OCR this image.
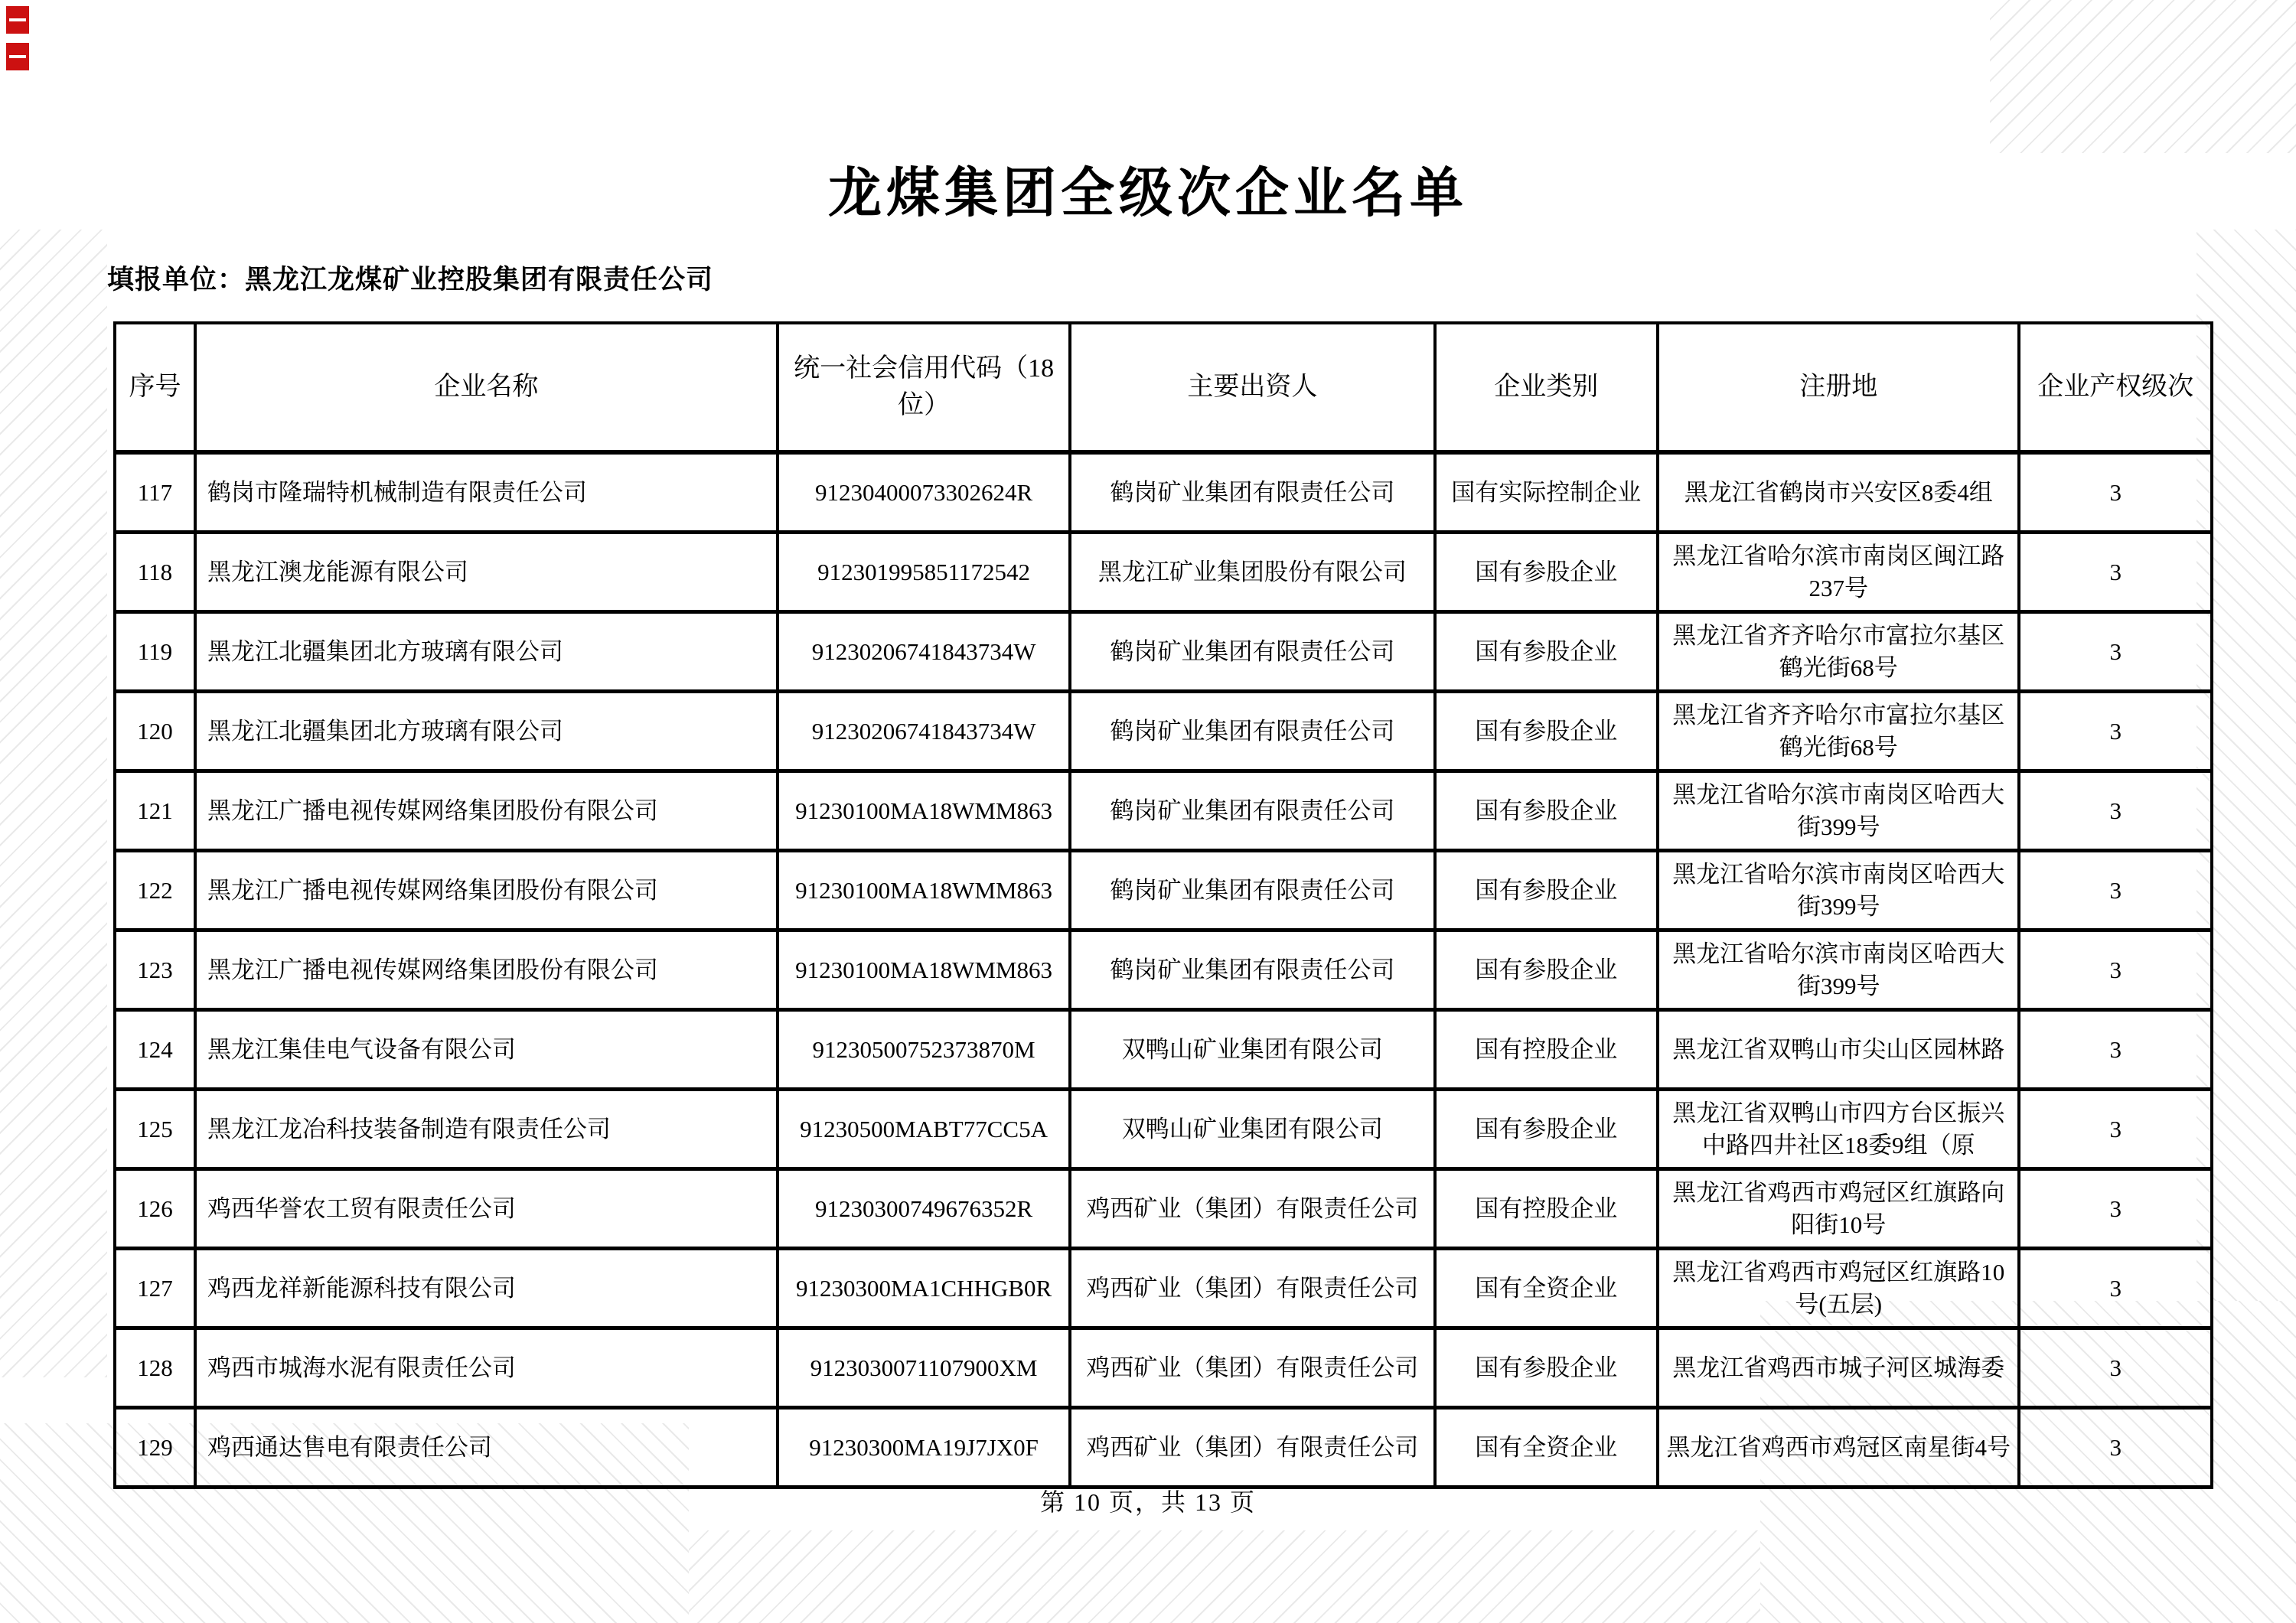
龙煤集团全级次企业名单
填报单位：黑龙江龙煤矿业控股集团有限责任公司
序号	企业名称	统一社会信用代码（18位）	主要出资人	企业类别	注册地	企业产权级次
117	鹤岗市隆瑞特机械制造有限责任公司	91230400073302624R	鹤岗矿业集团有限责任公司	国有实际控制企业	黑龙江省鹤岗市兴安区8委4组	3
118	黑龙江澳龙能源有限公司	912301995851172542	黑龙江矿业集团股份有限公司	国有参股企业	黑龙江省哈尔滨市南岗区闽江路237号	3
119	黑龙江北疆集团北方玻璃有限公司	91230206741843734W	鹤岗矿业集团有限责任公司	国有参股企业	黑龙江省齐齐哈尔市富拉尔基区鹤光街68号	3
120	黑龙江北疆集团北方玻璃有限公司	91230206741843734W	鹤岗矿业集团有限责任公司	国有参股企业	黑龙江省齐齐哈尔市富拉尔基区鹤光街68号	3
121	黑龙江广播电视传媒网络集团股份有限公司	91230100MA18WMM863	鹤岗矿业集团有限责任公司	国有参股企业	黑龙江省哈尔滨市南岗区哈西大街399号	3
122	黑龙江广播电视传媒网络集团股份有限公司	91230100MA18WMM863	鹤岗矿业集团有限责任公司	国有参股企业	黑龙江省哈尔滨市南岗区哈西大街399号	3
123	黑龙江广播电视传媒网络集团股份有限公司	91230100MA18WMM863	鹤岗矿业集团有限责任公司	国有参股企业	黑龙江省哈尔滨市南岗区哈西大街399号	3
124	黑龙江集佳电气设备有限公司	91230500752373870M	双鸭山矿业集团有限公司	国有控股企业	黑龙江省双鸭山市尖山区园林路	3
125	黑龙江龙冶科技装备制造有限责任公司	91230500MABT77CC5A	双鸭山矿业集团有限公司	国有参股企业	黑龙江省双鸭山市四方台区振兴中路四井社区18委9组（原	3
126	鸡西华誉农工贸有限责任公司	91230300749676352R	鸡西矿业（集团）有限责任公司	国有控股企业	黑龙江省鸡西市鸡冠区红旗路向阳街10号	3
127	鸡西龙祥新能源科技有限公司	91230300MA1CHHGB0R	鸡西矿业（集团）有限责任公司	国有全资企业	黑龙江省鸡西市鸡冠区红旗路10号(五层)	3
128	鸡西市城海水泥有限责任公司	9123030071107900XM	鸡西矿业（集团）有限责任公司	国有参股企业	黑龙江省鸡西市城子河区城海委	3
129	鸡西通达售电有限责任公司	91230300MA19J7JX0F	鸡西矿业（集团）有限责任公司	国有全资企业	黑龙江省鸡西市鸡冠区南星街4号	3
第 10 页，共 13 页
